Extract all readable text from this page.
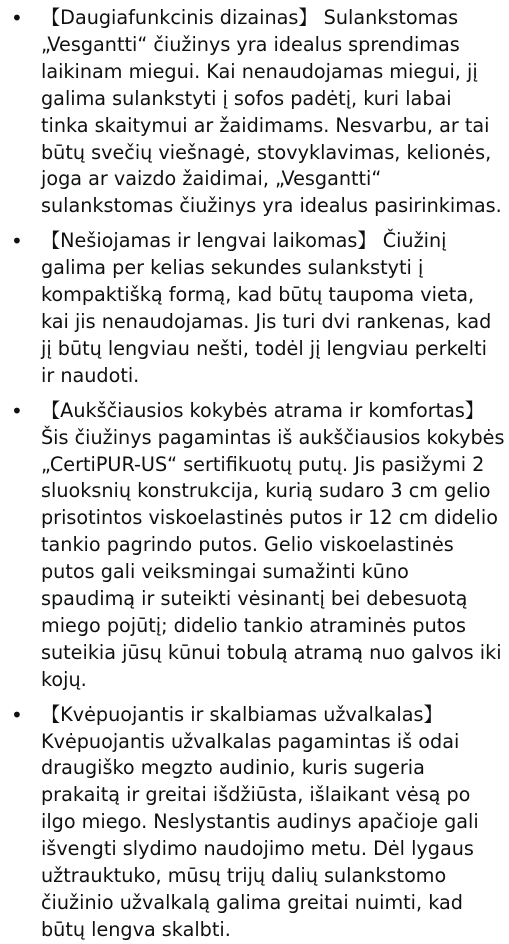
• 【Daugiafunkcinis dizainas】 Sulankstomas „Vesgantti“ čiužinys yra idealus sprendimas laikinam miegui. Kai nenaudojamas miegui, jį galima sulankstyti į sofos padėtį, kuri labai tinka skaitymui ar žaidimams. Nesvarbu, ar tai būtų svečių viešnagė, stovyklavimas, kelionės, joga ar vaizdo žaidimai, „Vesgantti“ sulankstomas čiužinys yra idealus pasirinkimas.
• 【Nešiojamas ir lengvai laikomas】 Čiužinį galima per kelias sekundes sulankstyti į kompaktišką formą, kad būtų taupoma vieta, kai jis nenaudojamas. Jis turi dvi rankenas, kad jį būtų lengviau nešti, todėl jį lengviau perkelti ir naudoti.
• 【Aukščiausios kokybės atrama ir komfortas】 Šis čiužinys pagamintas iš aukščiausios kokybės „CertiPUR-US“ sertifikuotų putų. Jis pasižymi 2 sluoksnių konstrukcija, kurią sudaro 3 cm gelio prisotintos viskoelastinės putos ir 12 cm didelio tankio pagrindo putos. Gelio viskoelastinės putos gali veiksmingai sumažinti kūno spaudimą ir suteikti vėsinantį bei debesuotą miego pojūtį; didelio tankio atraminės putos suteikia jūsų kūnui tobulą atramą nuo galvos iki kojų.
• 【Kvėpuojantis ir skalbiamas užvalkalas】 Kvėpuojantis užvalkalas pagamintas iš odai draugiško megzto audinio, kuris sugeria prakaitą ir greitai išdžiūsta, išlaikant vėsą po ilgo miego. Neslystantis audinys apačioje gali išvengti slydimo naudojimo metu. Dėl lygaus užtrauktuko, mūsų trijų dalių sulankstomo čiužinio užvalkalą galima greitai nuimti, kad būtų lengva skalbti.
